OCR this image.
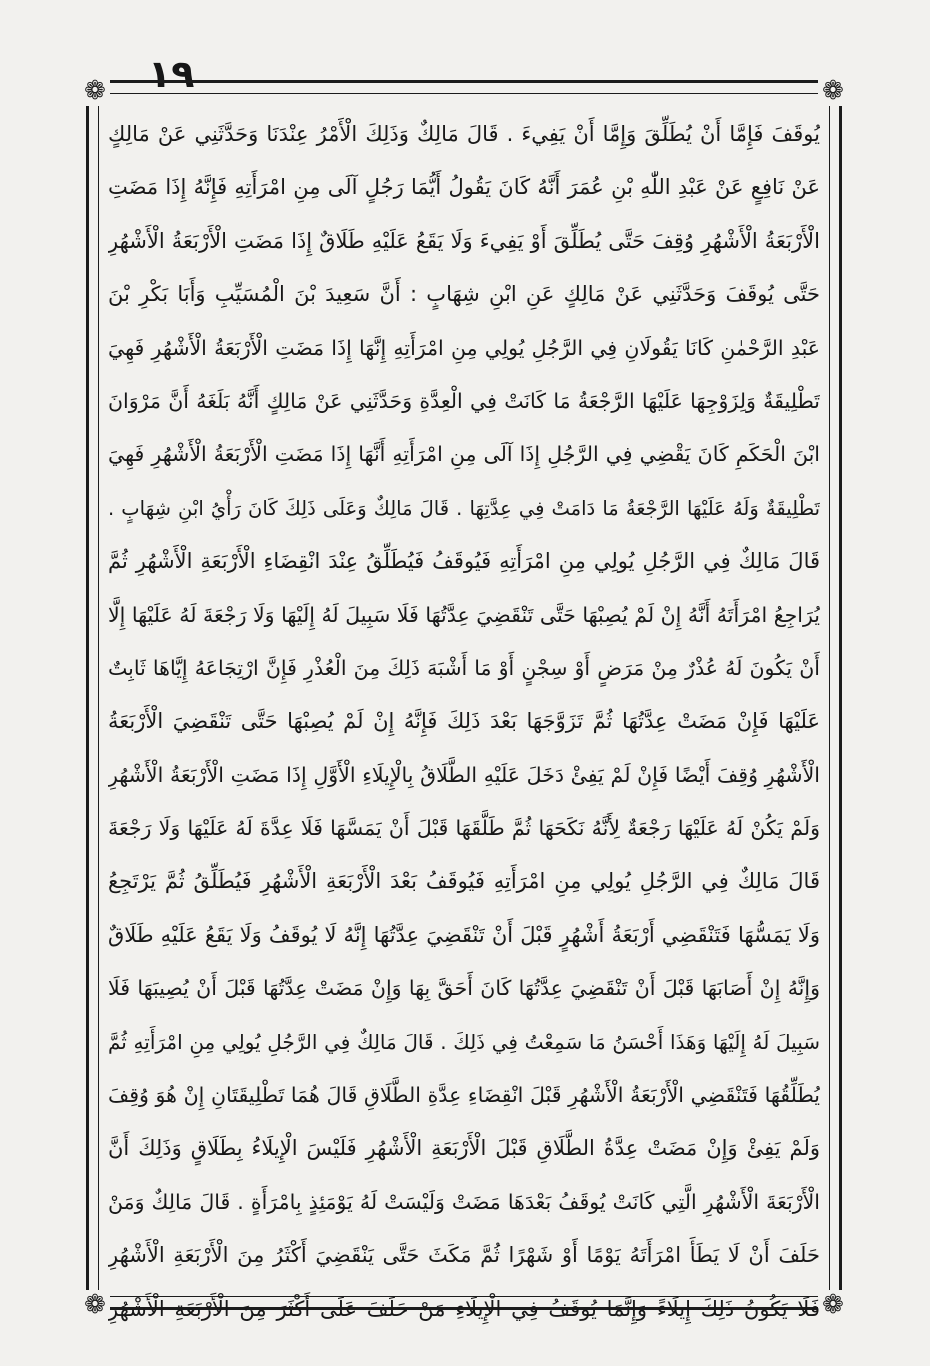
١٩
❁	❁
❁	❁
يُوقَفَ فَإِمَّا أَنْ يُطَلِّقَ وَإِمَّا أَنْ يَفِيءَ . قَالَ مَالِكٌ وَذَلِكَ الْأَمْرُ عِنْدَنَا وَحَدَّثَنِي عَنْ مَالِكٍ
عَنْ نَافِعٍ عَنْ عَبْدِ اللّٰهِ بْنِ عُمَرَ أَنَّهُ كَانَ يَقُولُ أَيُّمَا رَجُلٍ آلَى مِنِ امْرَأَتِهِ فَإِنَّهُ إِذَا مَضَتِ
الْأَرْبَعَةُ الْأَشْهُرِ وُقِفَ حَتَّى يُطَلِّقَ أَوْ يَفِيءَ وَلَا يَقَعُ عَلَيْهِ طَلَاقٌ إِذَا مَضَتِ الْأَرْبَعَةُ الْأَشْهُرِ
حَتَّى يُوقَفَ وَحَدَّثَنِي عَنْ مَالِكٍ عَنِ ابْنِ شِهَابٍ : أَنَّ سَعِيدَ بْنَ الْمُسَيِّبِ وَأَبَا بَكْرِ بْنَ
عَبْدِ الرَّحْمٰنِ كَانَا يَقُولَانِ فِي الرَّجُلِ يُولِي مِنِ امْرَأَتِهِ إِنَّهَا إِذَا مَضَتِ الْأَرْبَعَةُ الْأَشْهُرِ فَهِيَ
تَطْلِيقَةٌ وَلِزَوْجِهَا عَلَيْهَا الرَّجْعَةُ مَا كَانَتْ فِي الْعِدَّةِ وَحَدَّثَنِي عَنْ مَالِكٍ أَنَّهُ بَلَغَهُ أَنَّ مَرْوَانَ
ابْنَ الْحَكَمِ كَانَ يَقْضِي فِي الرَّجُلِ إِذَا آلَى مِنِ امْرَأَتِهِ أَنَّهَا إِذَا مَضَتِ الْأَرْبَعَةُ الْأَشْهُرِ فَهِيَ
تَطْلِيقَةٌ وَلَهُ عَلَيْهَا الرَّجْعَةُ مَا دَامَتْ فِي عِدَّتِهَا . قَالَ مَالِكٌ وَعَلَى ذَلِكَ كَانَ رَأْيُ ابْنِ شِهَابٍ .
قَالَ مَالِكٌ فِي الرَّجُلِ يُولِي مِنِ امْرَأَتِهِ فَيُوقَفُ فَيُطَلِّقُ عِنْدَ انْقِضَاءِ الْأَرْبَعَةِ الْأَشْهُرِ ثُمَّ
يُرَاجِعُ امْرَأَتَهُ أَنَّهُ إِنْ لَمْ يُصِبْهَا حَتَّى تَنْقَضِيَ عِدَّتُهَا فَلَا سَبِيلَ لَهُ إِلَيْهَا وَلَا رَجْعَةَ لَهُ عَلَيْهَا إِلَّا
أَنْ يَكُونَ لَهُ عُذْرٌ مِنْ مَرَضٍ أَوْ سِجْنٍ أَوْ مَا أَشْبَهَ ذَلِكَ مِنَ الْعُذْرِ فَإِنَّ ارْتِجَاعَهُ إِيَّاهَا ثَابِتٌ
عَلَيْهَا فَإِنْ مَضَتْ عِدَّتُهَا ثُمَّ تَزَوَّجَهَا بَعْدَ ذَلِكَ فَإِنَّهُ إِنْ لَمْ يُصِبْهَا حَتَّى تَنْقَضِيَ الْأَرْبَعَةُ
الْأَشْهُرِ وُقِفَ أَيْضًا فَإِنْ لَمْ يَفِئْ دَخَلَ عَلَيْهِ الطَّلَاقُ بِالْإِيلَاءِ الْأَوَّلِ إِذَا مَضَتِ الْأَرْبَعَةُ الْأَشْهُرِ
وَلَمْ يَكُنْ لَهُ عَلَيْهَا رَجْعَةٌ لِأَنَّهُ نَكَحَهَا ثُمَّ طَلَّقَهَا قَبْلَ أَنْ يَمَسَّهَا فَلَا عِدَّةَ لَهُ عَلَيْهَا وَلَا رَجْعَةَ
قَالَ مَالِكٌ فِي الرَّجُلِ يُولِي مِنِ امْرَأَتِهِ فَيُوقَفُ بَعْدَ الْأَرْبَعَةِ الْأَشْهُرِ فَيُطَلِّقُ ثُمَّ يَرْتَجِعُ
وَلَا يَمَسُّهَا فَتَنْقَضِي أَرْبَعَةُ أَشْهُرٍ قَبْلَ أَنْ تَنْقَضِيَ عِدَّتُهَا إِنَّهُ لَا يُوقَفُ وَلَا يَقَعُ عَلَيْهِ طَلَاقٌ
وَإِنَّهُ إِنْ أَصَابَهَا قَبْلَ أَنْ تَنْقَضِيَ عِدَّتُهَا كَانَ أَحَقَّ بِهَا وَإِنْ مَضَتْ عِدَّتُهَا قَبْلَ أَنْ يُصِيبَهَا فَلَا
سَبِيلَ لَهُ إِلَيْهَا وَهَذَا أَحْسَنُ مَا سَمِعْتُ فِي ذَلِكَ . قَالَ مَالِكٌ فِي الرَّجُلِ يُولِي مِنِ امْرَأَتِهِ ثُمَّ
يُطَلِّقُهَا فَتَنْقَضِي الْأَرْبَعَةُ الْأَشْهُرِ قَبْلَ انْقِضَاءِ عِدَّةِ الطَّلَاقِ قَالَ هُمَا تَطْلِيقَتَانِ إِنْ هُوَ وُقِفَ
وَلَمْ يَفِئْ وَإِنْ مَضَتْ عِدَّةُ الطَّلَاقِ قَبْلَ الْأَرْبَعَةِ الْأَشْهُرِ فَلَيْسَ الْإِيلَاءُ بِطَلَاقٍ وَذَلِكَ أَنَّ
الْأَرْبَعَةَ الْأَشْهُرِ الَّتِي كَانَتْ يُوقَفُ بَعْدَهَا مَضَتْ وَلَيْسَتْ لَهُ يَوْمَئِذٍ بِامْرَأَةٍ . قَالَ مَالِكٌ وَمَنْ
حَلَفَ أَنْ لَا يَطَأَ امْرَأَتَهُ يَوْمًا أَوْ شَهْرًا ثُمَّ مَكَثَ حَتَّى يَنْقَضِيَ أَكْثَرُ مِنَ الْأَرْبَعَةِ الْأَشْهُرِ
فَلَا يَكُونُ ذَلِكَ إِيلَاءً وَإِنَّمَا يُوقَفُ فِي الْإِيلَاءِ مَنْ حَلَفَ عَلَى أَكْثَرَ مِنَ الْأَرْبَعَةِ الْأَشْهُرِ
